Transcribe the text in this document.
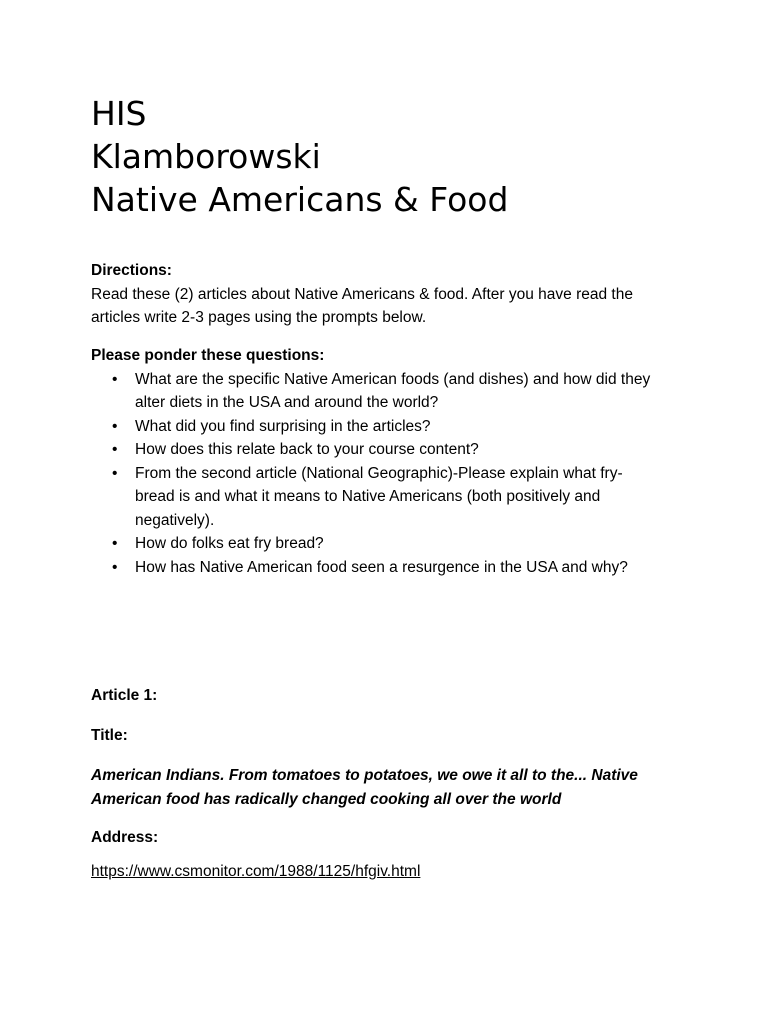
HIS
Klamborowski
Native Americans & Food
Directions:
Read these (2) articles about Native Americans & food. After you have read the
articles write 2-3 pages using the prompts below.
Please ponder these questions:
• What are the specific Native American foods (and dishes) and how did they
alter diets in the USA and around the world?
• What did you find surprising in the articles?
• How does this relate back to your course content?
• From the second article (National Geographic)-Please explain what fry-
bread is and what it means to Native Americans (both positively and
negatively).
• How do folks eat fry bread?
• How has Native American food seen a resurgence in the USA and why?
Article 1:
Title:
American Indians. From tomatoes to potatoes, we owe it all to the... Native
American food has radically changed cooking all over the world
Address:
https://www.csmonitor.com/1988/1125/hfgiv.html
